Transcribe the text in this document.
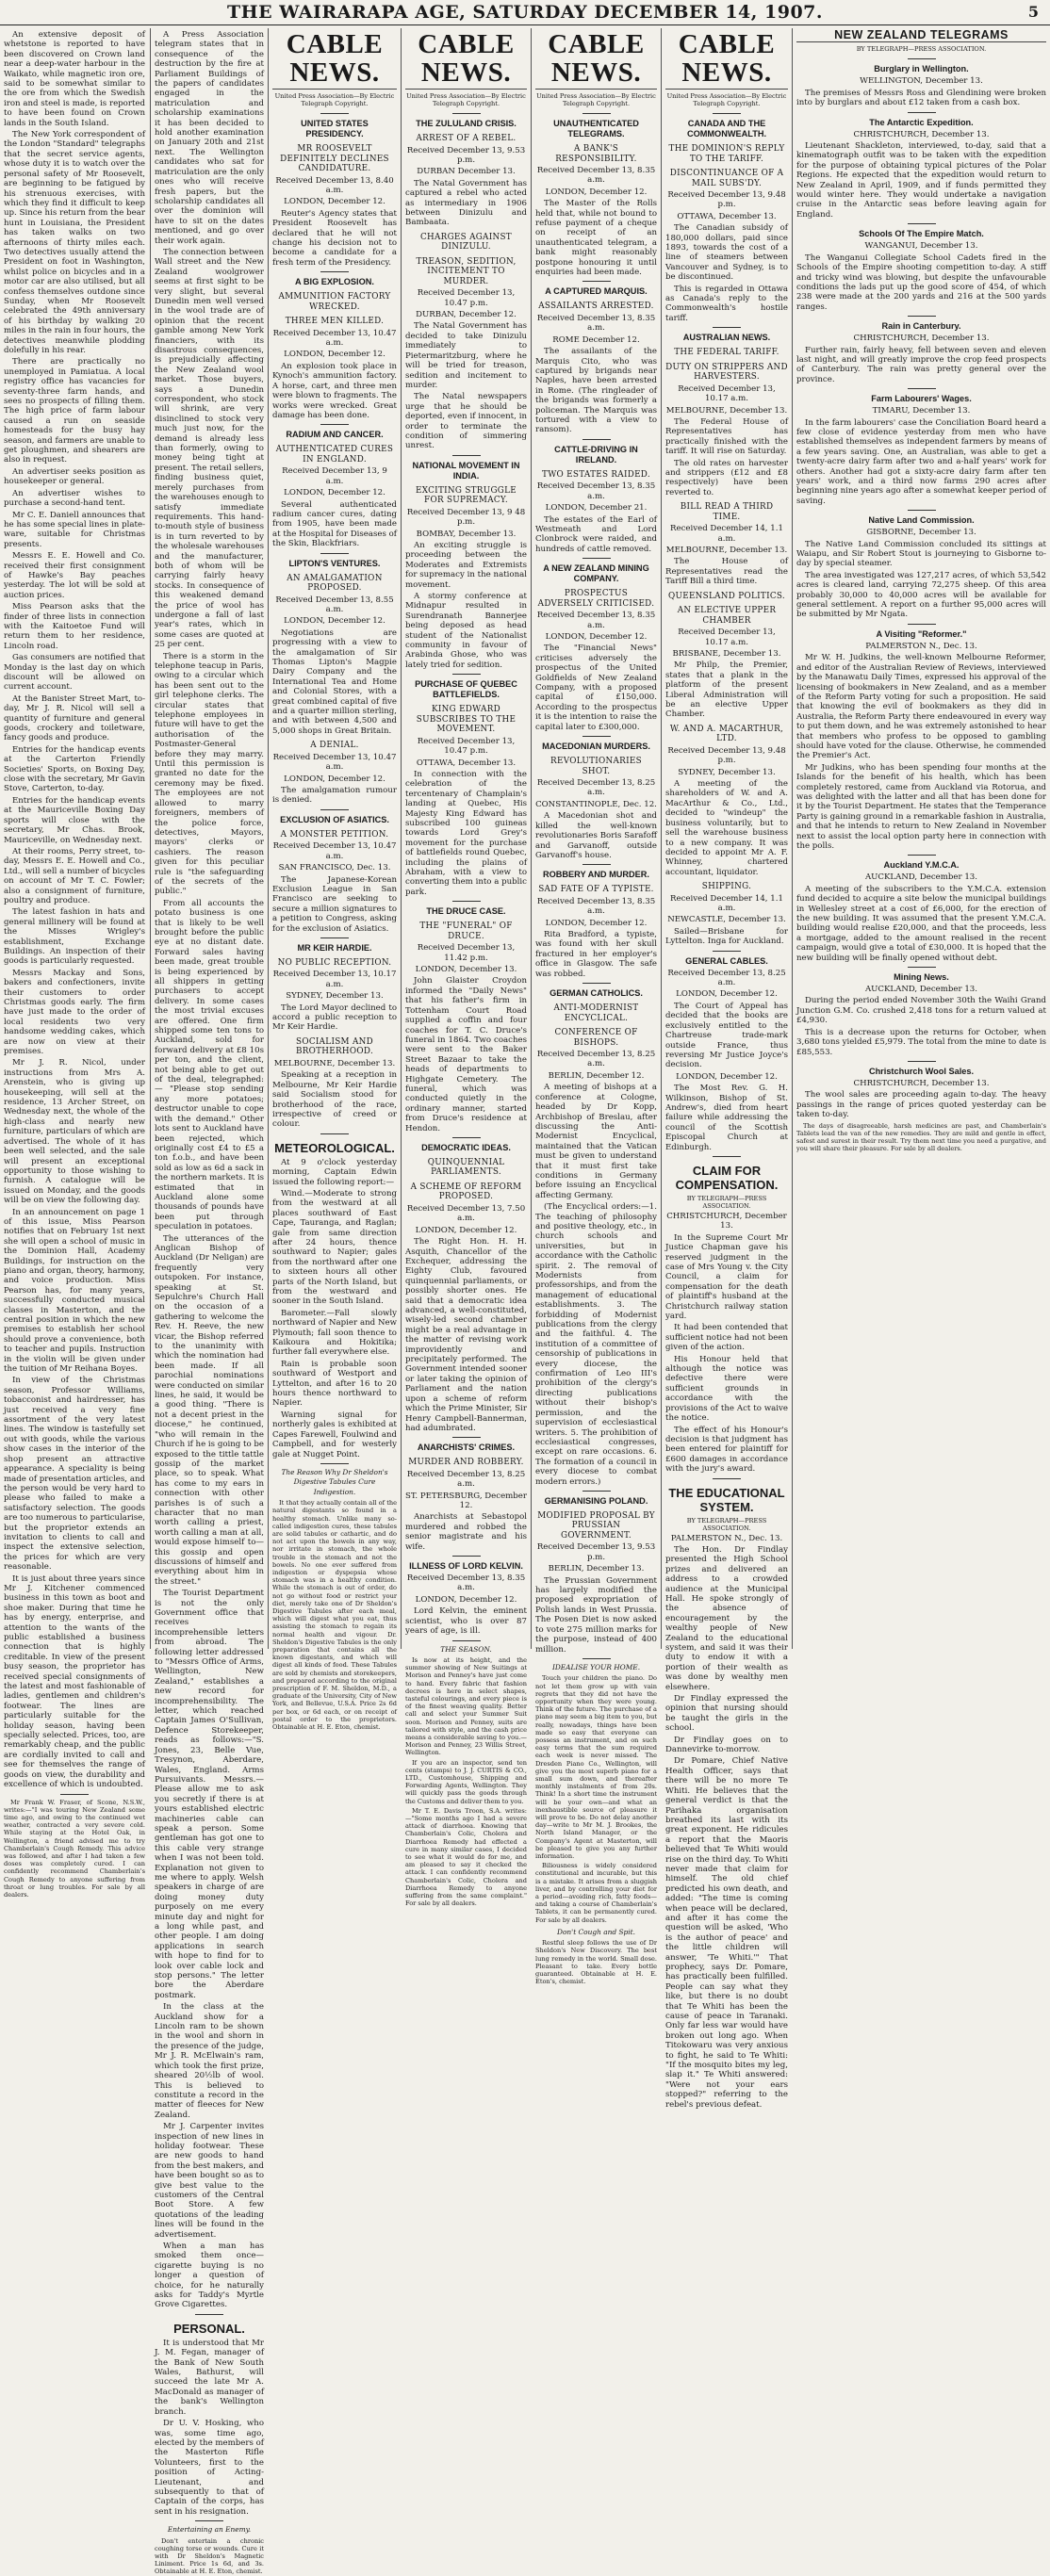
THE WAIRARAPA AGE, SATURDAY DECEMBER 14, 1907.	5

An extensive deposit of whetstone is reported to have been discovered on Crown land near a deep-water harbour in the Waikato, while magnetic iron ore, said to be somewhat similar to the ore from which the Swedish iron and steel is made, is reported to have been found on Crown lands in the South Island.

The New York correspondent of the London "Standard" telegraphs that the secret service agents, whose duty it is to watch over the personal safety of Mr Roosevelt, are beginning to be fatigued by his strenuous exercises, with which they find it difficult to keep up. Since his return from the bear hunt in Louisiana, the President has taken walks on two afternoons of thirty miles each. Two detectives usually attend the President on foot in Washington, whilst police on bicycles and in a motor car are also utilised, but all confess themselves outdone since Sunday, when Mr Roosevelt celebrated the 49th anniversary of his birthday by walking 20 miles in the rain in four hours, the detectives meanwhile plodding dolefully in his rear.

There are practically no unemployed in Pamiatua. A local registry office has vacancies for seventy-three farm hands, and sees no prospects of filling them. The high price of farm labour caused a run on seaside homesteads for the busy hay season, and farmers are unable to get ploughmen, and shearers are also in request.

An advertiser seeks position as housekeeper or general.

An advertiser wishes to purchase a second-hand tent.

Mr C. E. Daniell announces that he has some special lines in plate-ware, suitable for Christmas presents.

Messrs E. E. Howell and Co. received their first consignment of Hawke's Bay peaches yesterday. The lot will be sold at auction prices.

Miss Pearson asks that the finder of three lists in connection with the Kaitoetoe Fund will return them to her residence, Lincoln road.

Gas consumers are notified that Monday is the last day on which discount will be allowed on current account.

At the Banister Street Mart, to-day, Mr J. R. Nicol will sell a quantity of furniture and general goods, crockery and toiletware, fancy goods and produce.

Entries for the handicap events at the Carterton Friendly Societies' Sports, on Boxing Day, close with the secretary, Mr Gavin Stove, Carterton, to-day.

Entries for the handicap events at the Mauriceville Boxing Day sports will close with the secretary, Mr Chas. Brook, Mauriceville, on Wednesday next.

At their rooms, Perry street, to-day, Messrs E. E. Howell and Co., Ltd., will sell a number of bicycles on account of Mr T. C. Fowler; also a consignment of furniture, poultry and produce.

The latest fashion in hats and general millinery will be found at the Misses Wrigley's establishment, Exchange Buildings. An inspection of their goods is particularly requested.

Messrs Mackay and Sons, bakers and confectioners, invite their customers to order Christmas goods early. The firm have just made to the order of local residents two very handsome wedding cakes, which are now on view at their premises.

Mr J. R. Nicol, under instructions from Mrs A. Arenstein, who is giving up housekeeping, will sell at the residence, 13 Archer Street, on Wednesday next, the whole of the high-class and nearly new furniture, particulars of which are advertised. The whole of it has been well selected, and the sale will present an exceptional opportunity to those wishing to furnish. A catalogue will be issued on Monday, and the goods will be on view the following day.

In an announcement on page 1 of this issue, Miss Pearson notifies that on February 1st next she will open a school of music in the Dominion Hall, Academy Buildings, for instruction on the piano and organ, theory, harmony, and voice production. Miss Pearson has, for many years, successfully conducted musical classes in Masterton, and the central position in which the new premises to establish her school should prove a convenience, both to teacher and pupils. Instruction in the violin will be given under the tuition of Mr Reihana Boyes.

In view of the Christmas season, Professor Williams, tobacconist and hairdresser, has just received a very fine assortment of the very latest lines. The window is tastefully set out with goods, while the various show cases in the interior of the shop present an attractive appearance. A speciality is being made of presentation articles, and the person would be very hard to please who failed to make a satisfactory selection. The goods are too numerous to particularise, but the proprietor extends an invitation to clients to call and inspect the extensive selection, the prices for which are very reasonable.

It is just about three years since Mr J. Kitchener commenced business in this town as boot and shoe maker. During that time he has by energy, enterprise, and attention to the wants of the public established a business connection that is highly creditable. In view of the present busy season, the proprietor has received special consignments of the latest and most fashionable of ladies, gentlemen and children's footwear. The lines are particularly suitable for the holiday season, having been specially selected. Prices, too, are remarkably cheap, and the public are cordially invited to call and see for themselves the range of goods on view, the durability and excellence of which is undoubted.

Mr Frank W. Fraser, of Scone, N.S.W., writes:—"I was touring New Zealand some time ago, and owing to the continued wet weather, contracted a very severe cold. While staying at the Hotel Oak, in Wellington, a friend advised me to try Chamberlain's Cough Remedy. This advice was followed, and after I had taken a few doses was completely cured. I can confidently recommend Chamberlain's Cough Remedy to anyone suffering from throat or lung troubles. For sale by all dealers.

A Press Association telegram states that in consequence of the destruction by the fire at Parliament Buildings of the papers of candidates engaged in the matriculation and scholarship examinations it has been decided to hold another examination on January 20th and 21st next. The Wellington candidates who sat for matriculation are the only ones who will receive fresh papers, but the scholarship candidates all over the dominion will have to sit on the dates mentioned, and go over their work again.

The connection between Wall street and the New Zealand woolgrower seems at first sight to be very slight, but several Dunedin men well versed in the wool trade are of opinion that the recent gamble among New York financiers, with its disastrous consequences, is prejudicially affecting the New Zealand wool market. Those buyers, says a Dunedin correspondent, who stock will shrink, are very disinclined to stock very much just now, for the demand is already less than formerly, owing to money being tight at present. The retail sellers, finding business quiet, merely purchases from the warehouses enough to satisfy immediate requirements. This hand-to-mouth style of business is in turn reverted to by the wholesale warehouses and the manufacturer, both of whom will be carrying fairly heavy stocks. In consequence of this weakened demand the price of wool has undergone a fall of last year's rates, which in some cases are quoted at 25 per cent.

There is a storm in the telephone teacup in Paris, owing to a circular which has been sent out to the girl telephone clerks. The circular states that telephone employees in future will have to get the authorisation of the Postmaster-General before they may marry. Until this permission is granted no date for the ceremony may be fixed. The employees are not allowed to marry foreigners, members of the police force, detectives, Mayors, mayors' clerks or cashiers. The reason given for this peculiar rule is "the safeguarding of the secrets of the public."

From all accounts the potato business is one that is likely to be well brought before the public eye at no distant date. Forward sales having been made, great trouble is being experienced by all shippers in getting purchasers to accept delivery. In some cases the most trivial excuses are offered. One firm shipped some ten tons to Auckland, sold for forward delivery at £8 10s per ton, and the client, not being able to get out of the deal, telegraphed:— "Please stop sending any more potatoes; destructor unable to cope with the demand." Other lots sent to Auckland have been rejected, which originally cost £4 to £5 a ton f.o.b., and have been sold as low as 6d a sack in the northern markets. It is estimated that in Auckland alone some thousands of pounds have been put through speculation in potatoes.

The utterances of the Anglican Bishop of Auckland (Dr Neligan) are frequently very outspoken. For instance, speaking at St. Sepulchre's Church Hall on the occasion of a gathering to welcome the Rev. H. Reeve, the new vicar, the Bishop referred to the unanimity with which the nomination had been made. If all parochial nominations were conducted on similar lines, he said, it would be a good thing. "There is not a decent priest in the diocese," he continued, "who will remain in the Church if he is going to be exposed to the tittle tattle gossip of the market place, so to speak. What has come to my ears in connection with other parishes is of such a character that no man worth calling a priest, worth calling a man at all, would expose himself to—this gossip and open discussions of himself and everything about him in the street."

The Tourist Department is not the only Government office that receives incomprehensible letters from abroad. The following letter addressed to "Messrs Office of Arms, Wellington, New Zealand," establishes a new record for incomprehensibility. The letter, which reached Captain James O'Sullivan, Defence Storekeeper, reads as follows:—"S. Jones, 23, Belle Vue, Tresynon, Aberdare, Wales, England. Arms Pursuivants. Messrs.—Please allow me to ask you secretly if there is at yours established electric machineries cable can speak a person. Some gentleman has got one to this cable very strange when I was not been told. Explanation not given to me where to apply. Welsh speakers in charge of are doing money duty purposely on me every minute day and night for a long while past, and other people. I am doing applications in search with hope to find for to look over cable lock and stop persons." The letter bore the Aberdare postmark.

In the class at the Auckland show for a Lincoln ram to be shown in the wool and shorn in the presence of the judge, Mr J. R. McElwain's ram, which took the first prize, sheared 20½lb of wool. This is believed to constitute a record in the matter of fleeces for New Zealand.

Mr J. Carpenter invites inspection of new lines in holiday footwear. These are new goods to hand from the best makers, and have been bought so as to give best value to the customers of the Central Boot Store. A few quotations of the leading lines will be found in the advertisement.

When a man has smoked them once—cigarette buying is no longer a question of choice, for he naturally asks for Taddy's Myrtle Grove Cigarettes.

PERSONAL.

It is understood that Mr J. M. Fegan, manager of the Bank of New South Wales, Bathurst, will succeed the late Mr A. MacDonald as manager of the bank's Wellington branch.

Dr U. V. Hosking, who was, some time ago, elected by the members of the Masterton Rifle Volunteers, first to the position of Acting-Lieutenant, and subsequently to that of Captain of the corps, has sent in his resignation.

Entertaining an Enemy.

Don't entertain a chronic coughing torse or wounds. Cure it with Dr Sheldon's Magnetic Liniment. Price 1s 6d, and 3s. Obtainable at H. E. Eton, chemist.

CABLE NEWS.
United Press Association—By Electric Telegraph Copyright.
UNITED STATES PRESIDENCY.
MR ROOSEVELT DEFINITELY DECLINES CANDIDATURE.
Received December 13, 8.40 a.m.
LONDON, December 12.

Reuter's Agency states that President Roosevelt has declared that he will not change his decision not to become a candidate for a fresh term of the Presidency.

A BIG EXPLOSION.
AMMUNITION FACTORY WRECKED.
THREE MEN KILLED.
Received December 13, 10.47 a.m.
LONDON, December 12.

An explosion took place in Kynoch's ammunition factory. A horse, cart, and three men were blown to fragments. The works were wrecked. Great damage has been done.

RADIUM AND CANCER.
AUTHENTICATED CURES IN ENGLAND.
Received December 13, 9 a.m.
LONDON, December 12.

Several authenticated radium cancer cures, dating from 1905, have been made at the Hospital for Diseases of the Skin, Blackfriars.

LIPTON'S VENTURES.
AN AMALGAMATION PROPOSED.
Received December 13, 8.55 a.m.
LONDON, December 12.

Negotiations are progressing with a view to the amalgamation of Sir Thomas Lipton's Magpie Dairy Company and the International Tea and Home and Colonial Stores, with a great combined capital of five and a quarter million sterling, and with between 4,500 and 5,000 shops in Great Britain.

A DENIAL.
Received December 13, 10.47 a.m.
LONDON, December 12.

The amalgamation rumour is denied.

EXCLUSION OF ASIATICS.
A MONSTER PETITION.
Received December 13, 10.47 a.m.
SAN FRANCISCO, Dec. 13.

The Japanese-Korean Exclusion League in San Francisco are seeking to secure a million signatures to a petition to Congress, asking for the exclusion of Asiatics.

MR KEIR HARDIE.
NO PUBLIC RECEPTION.
Received December 13, 10.17 a.m.
SYDNEY, December 13.

The Lord Mayor declined to accord a public reception to Mr Keir Hardie.

SOCIALISM AND BROTHERHOOD.
MELBOURNE, December 13.

Speaking at a reception in Melbourne, Mr Keir Hardie said Socialism stood for brotherhood of the race, irrespective of creed or colour.

METEOROLOGICAL.

At 9 o'clock yesterday morning, Captain Edwin issued the following report:—

Wind.—Moderate to strong from the westward at all places southward of East Cape, Tauranga, and Raglan; gale from same direction after 24 hours, thence southward to Napier; gales from the northward after one to sixteen hours all other parts of the North Island, but from the westward and sooner in the South Island.

Barometer.—Fall slowly northward of Napier and New Plymouth; fall soon thence to Kaikoura and Hokitika; further fall everywhere else.

Rain is probable soon southward of Westport and Lyttelton, and after 16 to 20 hours thence northward to Napier.

Warning signal for northerly gales is exhibited at Capes Farewell, Foulwind and Campbell, and for westerly gale at Nugget Point.

The Reason Why Dr Sheldon's Digestive Tabules Cure Indigestion.

It that they actually contain all of the natural digestants so found in a healthy stomach. Unlike many so-called indigestion cures, these tabules are solid tabules or cathartic, and do not act upon the bowels in any way, nor irritate in stomach, the whole trouble in the stomach and not the bowels. No one ever suffered from indigestion or dyspepsia whose stomach was in a healthy condition. While the stomach is out of order, do not go without food or restrict your diet, merely take one of Dr Sheldon's Digestive Tabules after each meal, which will digest what you eat, thus assisting the stomach to regain its normal health and vigour. Dr. Sheldon's Digestive Tabules is the only preparation that contains all the known digestants, and which will digest all kinds of food. These Tabules are sold by chemists and storekeepers, and prepared according to the original prescription of F. M. Sheldon, M.D., a graduate of the University, City of New York, and Bellevue, U.S.A. Price 2s 6d per box, or 6d each, or on receipt of postal order to the proprietors. Obtainable at H. E. Eton, chemist.

CABLE NEWS.
United Press Association—By Electric Telegraph Copyright.
THE ZULULAND CRISIS.
ARREST OF A REBEL.
Received December 13, 9.53 p.m.
DURBAN December 13.

The Natal Government has captured a rebel who acted as intermediary in 1906 between Dinizulu and Bambaata.

CHARGES AGAINST DINIZULU.
TREASON, SEDITION, INCITEMENT TO MURDER.
Received December 13, 10.47 p.m.
DURBAN, December 12.

The Natal Government has decided to take Dinizulu immediately to Pietermaritzburg, where he will be tried for treason, sedition and incitement to murder.

The Natal newspapers urge that he should be deported, even if innocent, in order to terminate the condition of simmering unrest.

NATIONAL MOVEMENT IN INDIA.
EXCITING STRUGGLE FOR SUPREMACY.
Received December 13, 9 48 p.m.
BOMBAY, December 13.

An exciting struggle is proceeding between the Moderates and Extremists for supremacy in the national movement.

A stormy conference at Midnapur resulted in Surendranath Bannerjee being deposed as head student of the Nationalist community in favour of Arabinda Ghose, who was lately tried for sedition.

PURCHASE OF QUEBEC BATTLEFIELDS.
KING EDWARD SUBSCRIBES TO THE MOVEMENT.
Received December 13, 10.47 p.m.
OTTAWA, December 13.

In connection with the celebration of the tercentenary of Champlain's landing at Quebec, His Majesty King Edward has subscribed 100 guineas towards Lord Grey's movement for the purchase of battlefields round Quebec, including the plains of Abraham, with a view to converting them into a public park.

THE DRUCE CASE.
THE "FUNERAL" OF DRUCE.
Received December 13, 11.42 p.m.
LONDON, December 13.

John Glaister Croydon informed the "Daily News" that his father's firm in Tottenham Court Road supplied a coffin and four coaches for T. C. Druce's funeral in 1864. Two coaches were sent to the Baker Street Bazaar to take the heads of departments to Highgate Cemetery. The funeral, which was conducted quietly in the ordinary manner, started from Druce's residence at Hendon.

DEMOCRATIC IDEAS.
QUINQUENNIAL PARLIAMENTS.
A SCHEME OF REFORM PROPOSED.
Received December 13, 7.50 a.m.
LONDON, December 12.

The Right Hon. H. H. Asquith, Chancellor of the Exchequer, addressing the Eighty Club, favoured quinquennial parliaments, or possibly shorter ones. He said that a democratic idea advanced, a well-constituted, wisely-led second chamber might be a real advantage in the matter of revising work improvidently and precipitately performed. The Government intended sooner or later taking the opinion of Parliament and the nation upon a scheme of reform which the Prime Minister, Sir Henry Campbell-Bannerman, had adumbrated.

ANARCHISTS' CRIMES.
MURDER AND ROBBERY.
Received December 13, 8.25 a.m.
ST. PETERSBURG, December 12.

Anarchists at Sebastopol murdered and robbed the senior magistrate and his wife.

ILLNESS OF LORD KELVIN.
Received December 13, 8.35 a.m.
LONDON, December 12.

Lord Kelvin, the eminent scientist, who is over 87 years of age, is ill.

THE SEASON.

Is now at its height, and the summer showing of New Suitings at Morison and Penney's have just come to hand. Every fabric that fashion decrees is here in select shapes, tasteful colourings, and every piece is of the finest weaving quality. Better call and select your Summer Suit soon. Morison and Penney, suits are tailored with style, and the cash price means a considerable saving to you.—Morison and Penney, 23 Willis Street, Wellington.

If you are an inspector, send ten cents (stamps) to J. J. CURTIS & CO., LTD., Customhouse, Shipping and Forwarding Agents, Wellington. They will quickly pass the goods through the Customs and deliver them to you.

Mr T. E. Davis Troon, S.A. writes:—"Some months ago I had a severe attack of diarrhoea. Knowing that Chamberlain's Colic, Cholera and Diarrhoea Remedy had effected a cure in many similar cases, I decided to see what it would do for me, and am pleased to say it checked the attack. I can confidently recommend Chamberlain's Colic, Cholera and Diarrhoea Remedy to anyone suffering from the same complaint." For sale by all dealers.

CABLE NEWS.
United Press Association—By Electric Telegraph Copyright.
UNAUTHENTICATED TELEGRAMS.
A BANK'S RESPONSIBILITY.
Received December 13, 8.35 a.m.
LONDON, December 12.

The Master of the Rolls held that, while not bound to refuse payment of a cheque on receipt of an unauthenticated telegram, a bank might reasonably postpone honouring it until enquiries had been made.

A CAPTURED MARQUIS.
ASSAILANTS ARRESTED.
Received December 13, 8.35 a.m.
ROME December 12.

The assailants of the Marquis Cito, who was captured by brigands near Naples, have been arrested in Rome. (The ringleader of the brigands was formerly a policeman. The Marquis was tortured with a view to ransom).

CATTLE-DRIVING IN IRELAND.
TWO ESTATES RAIDED.
Received December 13, 8.35 a.m.
LONDON, December 21.

The estates of the Earl of Westmeath and Lord Clonbrock were raided, and hundreds of cattle removed.

A NEW ZEALAND MINING COMPANY.
PROSPECTUS ADVERSELY CRITICISED.
Received December 13, 8.35 a.m.
LONDON, December 12.

The "Financial News" criticises adversely the prospectus of the United Goldfields of New Zealand Company, with a proposed capital of £150,000. According to the prospectus it is the intention to raise the capital later to £300,000.

MACEDONIAN MURDERS.
REVOLUTIONARIES SHOT.
Received December 13, 8.25 a.m.
CONSTANTINOPLE, Dec. 12.

A Macedonian shot and killed the well-known revolutionaries Boris Sarafoff and Garvanoff, outside Garvanoff's house.

ROBBERY AND MURDER.
SAD FATE OF A TYPISTE.
Received December 13, 8.35 a.m.
LONDON, December 12.

Rita Bradford, a typiste, was found with her skull fractured in her employer's office in Glasgow. The safe was robbed.

GERMAN CATHOLICS.
ANTI-MODERNIST ENCYCLICAL.
CONFERENCE OF BISHOPS.
Received December 13, 8.25 a.m.
BERLIN, December 12.

A meeting of bishops at a conference at Cologne, headed by Dr Kopp, Archbishop of Breslau, after discussing the Anti-Modernist Encyclical, maintained that the Vatican must be given to understand that it must first take conditions in Germany before issuing an Encyclical affecting Germany.

(The Encyclical orders:—1. The teaching of philosophy and positive theology, etc., in church schools and universities, but in accordance with the Catholic spirit. 2. The removal of Modernists from professorships, and from the management of educational establishments. 3. The forbidding of Modernist publications from the clergy and the faithful. 4. The institution of a committee of censorship of publications in every diocese, the confirmation of Leo III's prohibition of the clergy's directing publications without their bishop's permission, and the supervision of ecclesiastical writers. 5. The prohibition of ecclesiastical congresses, except on rare occasions. 6. The formation of a council in every diocese to combat modern errors.)

GERMANISING POLAND.
MODIFIED PROPOSAL BY PRUSSIAN GOVERNMENT.
Received December 13, 9.53 p.m.
BERLIN, December 13.

The Prussian Government has largely modified the proposed expropriation of Polish lands in West Prussia. The Posen Diet is now asked to vote 275 million marks for the purpose, instead of 400 million.

IDEALISE YOUR HOME.

Touch your children the piano. Do not let them grow up with vain regrets that they did not have the opportunity when they were young. Think of the future. The purchase of a piano may seem a big item to you, but really, nowadays, things have been made so easy that everyone can possess an instrument, and on such easy terms that the sum required each week is never missed. The Dresden Piano Co., Wellington, will give you the most superb piano for a small sum down, and thereafter monthly instalments of from 20s. Think! In a short time the instrument will be your own—and what an inexhaustible source of pleasure it will prove to be. Do not delay another day—write to Mr M. J. Brookes, the North Island Manager, or the Company's Agent at Masterton, will be pleased to give you any further information.

Biliousness is widely considered constitutional and incurable, but this is a mistake. It arises from a sluggish liver, and by controlling your diet for a period—avoiding rich, fatty foods—and taking a course of Chamberlain's Tablets, it can be permanently cured. For sale by all dealers.

Don't Cough and Spit.

Restful sleep follows the use of Dr Sheldon's New Discovery. The best lung remedy in the world. Small dose. Pleasant to take. Every bottle guaranteed. Obtainable at H. E. Eton's, chemist.

CABLE NEWS.
United Press Association—By Electric Telegraph Copyright.
CANADA AND THE COMMONWEALTH.
THE DOMINION'S REPLY TO THE TARIFF.
DISCONTINUANCE OF A MAIL SUBS'DY.
Received December 13, 9.48 p.m.
OTTAWA, December 13.

The Canadian subsidy of 180,000 dollars, paid since 1893, towards the cost of a line of steamers between Vancouver and Sydney, is to be discontinued.

This is regarded in Ottawa as Canada's reply to the Commonwealth's hostile tariff.

AUSTRALIAN NEWS.
THE FEDERAL TARIFF.
DUTY ON STRIPPERS AND HARVESTERS.
Received December 13, 10.17 a.m.
MELBOURNE, December 13.

The Federal House of Representatives has practically finished with the tariff. It will rise on Saturday.

The old rates on harvester and strippers (£12 and £8 respectively) have been reverted to.

BILL READ A THIRD TIME.
Received December 14, 1.1 a.m.
MELBOURNE, December 13.

The House of Representatives read the Tariff Bill a third time.

QUEENSLAND POLITICS.
AN ELECTIVE UPPER CHAMBER
Received December 13, 10.17 a.m.
BRISBANE, December 13.

Mr Philp, the Premier, states that a plank in the platform of the present Liberal Administration will be an elective Upper Chamber.

W. AND A. MACARTHUR, LTD.
Received December 13, 9.48 p.m.
SYDNEY, December 13.

A meeting of the shareholders of W. and A. MacArthur & Co., Ltd., decided to "windeup" the business voluntarily, but to sell the warehouse business to a new company. It was decided to appoint Mr A. F. Whinney, chartered accountant, liquidator.

SHIPPING.
Received December 14, 1.1 a.m.
NEWCASTLE, December 13.

Sailed—Brisbane for Lyttelton. Inga for Auckland.

GENERAL CABLES.
Received December 13, 8.25 a.m.
LONDON, December 12.

The Court of Appeal has decided that the books are exclusively entitled to the Chartreuse trade-mark outside France, thus reversing Mr Justice Joyce's decision.

LONDON, December 12.

The Most Rev. G. H. Wilkinson, Bishop of St. Andrew's, died from heart failure while addressing the council of the Scottish Episcopal Church at Edinburgh.

CLAIM FOR COMPENSATION.
BY TELEGRAPH—PRESS ASSOCIATION.
CHRISTCHURCH, December 13.

In the Supreme Court Mr Justice Chapman gave his reserved judgment in the case of Mrs Young v. the City Council, a claim for compensation for the death of plaintiff's husband at the Christchurch railway station yard.

It had been contended that sufficient notice had not been given of the action.

His Honour held that although the notice was defective there were sufficient grounds in accordance with the provisions of the Act to waive the notice.

The effect of his Honour's decision is that judgment has been entered for plaintiff for £600 damages in accordance with the jury's award.

THE EDUCATIONAL SYSTEM.
BY TELEGRAPH—PRESS ASSOCIATION.
PALMERSTON N., Dec. 13.

The Hon. Dr Findlay presented the High School prizes and delivered an address to a crowded audience at the Municipal Hall. He spoke strongly of the absence of encouragement by the wealthy people of New Zealand to the educational system, and said it was their duty to endow it with a portion of their wealth as was done by wealthy men elsewhere.

Dr Findlay expressed the opinion that nursing should be taught the girls in the school.

Dr Findlay goes on to Dannevirke to-morrow.

Dr Pomare, Chief Native Health Officer, says that there will be no more Te Whiti. He believes that the general verdict is that the Parihaka organisation breathed its last with its great exponent. He ridicules a report that the Maoris believed that Te Whiti would rise on the third day. To Whiti never made that claim for himself. The old chief predicted his own death, and added: "The time is coming when peace will be declared, and after it has come the question will be asked, 'Who is the author of peace' and the little children will answer, 'Te Whiti.'" That prophecy, says Dr. Pomare, has practically been fulfilled. People can say what they like, but there is no doubt that Te Whiti has been the cause of peace in Taranaki. Only far less war would have broken out long ago. When Titokowaru was very anxious to fight, he said to Te Whiti: "If the mosquito bites my leg, slap it." Te Whiti answered: "Were not your ears stopped?" referring to the rebel's previous defeat.

NEW ZEALAND TELEGRAMS
BY TELEGRAPH—PRESS ASSOCIATION.
Burglary in Wellington.
WELLINGTON, December 13.

The premises of Messrs Ross and Glendining were broken into by burglars and about £12 taken from a cash box.

The Antarctic Expedition.
CHRISTCHURCH, December 13.

Lieutenant Shackleton, interviewed, to-day, said that a kinematograph outfit was to be taken with the expedition for the purpose of obtaining typical pictures of the Polar Regions. He expected that the expedition would return to New Zealand in April, 1909, and if funds permitted they would winter here. They would undertake a navigation cruise in the Antarctic seas before leaving again for England.

Schools Of The Empire Match.
WANGANUI, December 13.

The Wanganui Collegiate School Cadets fired in the Schools of the Empire shooting competition to-day. A stiff and tricky wind was blowing, but despite the unfavourable conditions the lads put up the good score of 454, of which 238 were made at the 200 yards and 216 at the 500 yards ranges.

Rain in Canterbury.
CHRISTCHURCH, December 13.

Further rain, fairly heavy, fell between seven and eleven last night, and will greatly improve the crop feed prospects of Canterbury. The rain was pretty general over the province.

Farm Labourers' Wages.
TIMARU, December 13.

In the farm labourers' case the Conciliation Board heard a few close of evidence yesterday from men who have established themselves as independent farmers by means of a few years saving. One, an Australian, was able to get a twenty-acre dairy farm after two and a-half years' work for others. Another had got a sixty-acre dairy farm after ten years' work, and a third now farms 290 acres after beginning nine years ago after a somewhat keeper period of saving.

Native Land Commission.
GISBORNE, December 13.

The Native Land Commission concluded its sittings at Waiapu, and Sir Robert Stout is journeying to Gisborne to-day by special steamer.

The area investigated was 127,217 acres, of which 53,542 acres is cleared land, carrying 72,275 sheep. Of this area probably 30,000 to 40,000 acres will be available for general settlement. A report on a further 95,000 acres will be submitted by Mr Ngata.

A Visiting "Reformer."
PALMERSTON N., Dec. 13.

Mr W. H. Judkins, the well-known Melbourne Reformer, and editor of the Australian Review of Reviews, interviewed by the Manawatu Daily Times, expressed his approval of the licensing of bookmakers in New Zealand, and as a member of the Reform Party voting for such a proposition. He said that knowing the evil of bookmakers as they did in Australia, the Reform Party there endeavoured in every way to put them down, and he was extremely astonished to hear that members who profess to be opposed to gambling should have voted for the clause. Otherwise, he commended the Premier's Act.

Mr Judkins, who has been spending four months at the Islands for the benefit of his health, which has been completely restored, came from Auckland via Rotorua, and was delighted with the latter and all that has been done for it by the Tourist Department. He states that the Temperance Party is gaining ground in a remarkable fashion in Australia, and that he intends to return to New Zealand in November next to assist the local option party here in connection with the polls.

Auckland Y.M.C.A.
AUCKLAND, December 13.

A meeting of the subscribers to the Y.M.C.A. extension fund decided to acquire a site below the municipal buildings in Wellesley street at a cost of £6,000, for the erection of the new building. It was assumed that the present Y.M.C.A. building would realise £20,000, and that the proceeds, less a mortgage, added to the amount realised in the recent campaign, would give a total of £30,000. It is hoped that the new building will be finally opened without debt.

Mining News.
AUCKLAND, December 13.

During the period ended November 30th the Waihi Grand Junction G.M. Co. crushed 2,418 tons for a return valued at £4,930.

This is a decrease upon the returns for October, when 3,680 tons yielded £5,979. The total from the mine to date is £85,553.

Christchurch Wool Sales.
CHRISTCHURCH, December 13.

The wool sales are proceeding again to-day. The heavy passings in the range of prices quoted yesterday can be taken to-day.

The days of disagreeable, harsh medicines are past, and Chamberlain's Tablets lead the van of the new remedies. They are mild and gentle in effect, safest and surest in their result. Try them next time you need a purgative, and you will share their pleasure. For sale by all dealers.
